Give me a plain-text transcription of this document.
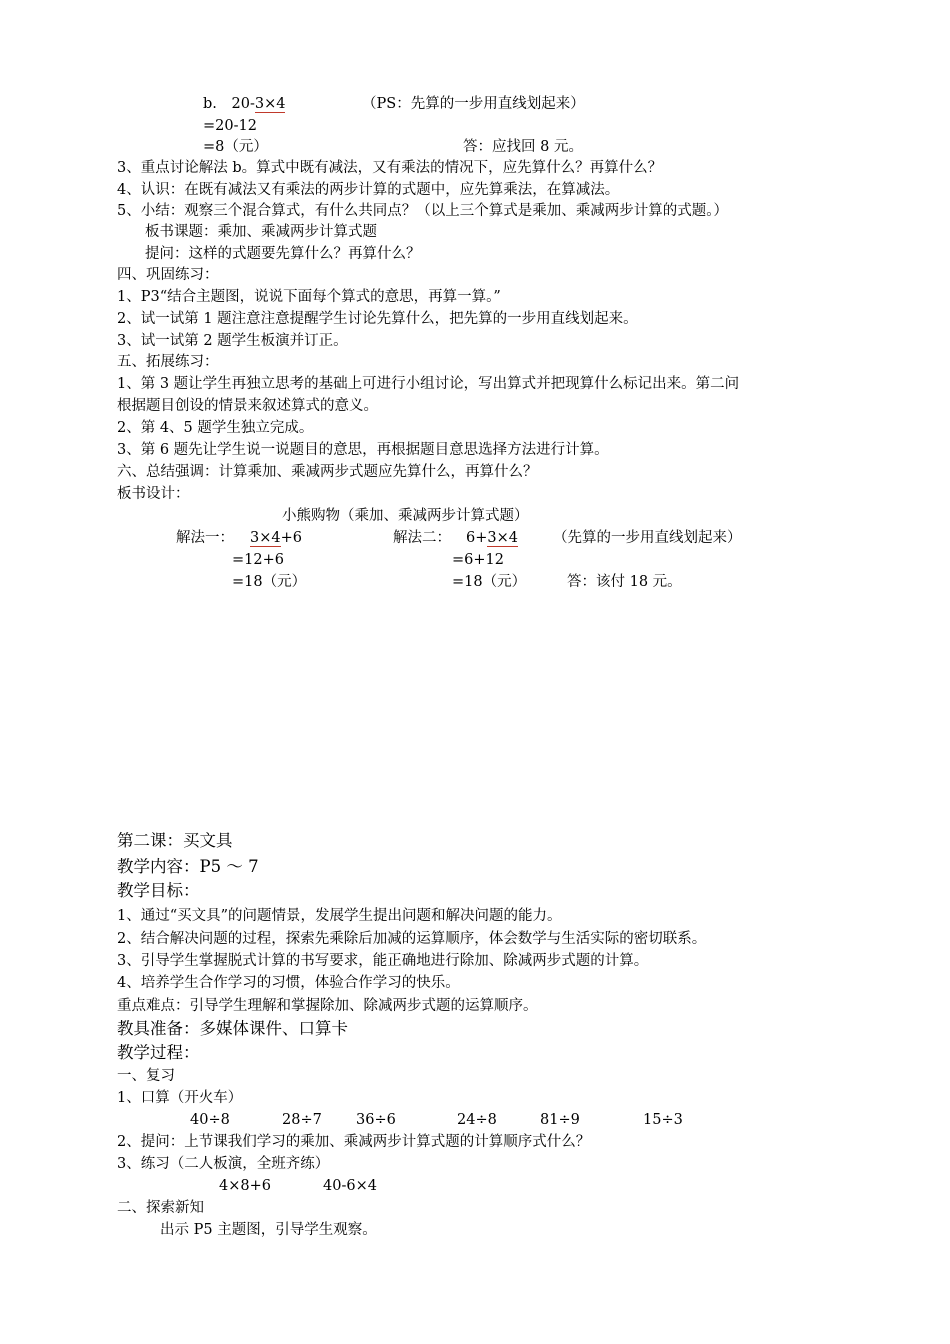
b. 20-3×4	（PS：先算的一步用直线划起来）
=20-12
=8（元）	答：应找回 8 元。
3、重点讨论解法 b。算式中既有减法，又有乘法的情况下，应先算什么？再算什么？
4、认识：在既有减法又有乘法的两步计算的式题中，应先算乘法，在算减法。
5、小结：观察三个混合算式，有什么共同点？（以上三个算式是乘加、乘减两步计算的式题。）
板书课题：乘加、乘减两步计算式题
提问：这样的式题要先算什么？再算什么？
四、巩固练习：
1、P3“结合主题图，说说下面每个算式的意思，再算一算。”
2、试一试第 1 题注意注意提醒学生讨论先算什么，把先算的一步用直线划起来。
3、试一试第 2 题学生板演并订正。
五、拓展练习：
1、第 3 题让学生再独立思考的基础上可进行小组讨论，写出算式并把现算什么标记出来。第二问
根据题目创设的情景来叙述算式的意义。
2、第 4、5 题学生独立完成。
3、第 6 题先让学生说一说题目的意思，再根据题目意思选择方法进行计算。
六、总结强调：计算乘加、乘减两步式题应先算什么，再算什么？
板书设计：
小熊购物（乘加、乘减两步计算式题）
解法一： 3×4+6	解法二： 6+3×4 （先算的一步用直线划起来）
=12+6	=6+12
=18（元）	=18（元）	答：该付 18 元。
第二课：买文具
教学内容：P5 ～ 7
教学目标：
1、通过“买文具”的问题情景，发展学生提出问题和解决问题的能力。
2、结合解决问题的过程，探索先乘除后加减的运算顺序，体会数学与生活实际的密切联系。
3、引导学生掌握脱式计算的书写要求，能正确地进行除加、除减两步式题的计算。
4、培养学生合作学习的习惯，体验合作学习的快乐。
重点难点：引导学生理解和掌握除加、除减两步式题的运算顺序。
教具准备：多媒体课件、口算卡
教学过程：
一、复习
1、口算（开火车）
40÷8	28÷7 36÷6	24÷8	81÷9	15÷3
2、提问：上节课我们学习的乘加、乘减两步计算式题的计算顺序式什么？
3、练习（二人板演，全班齐练）
4×8+6	40-6×4
二、探索新知
出示 P5 主题图，引导学生观察。
